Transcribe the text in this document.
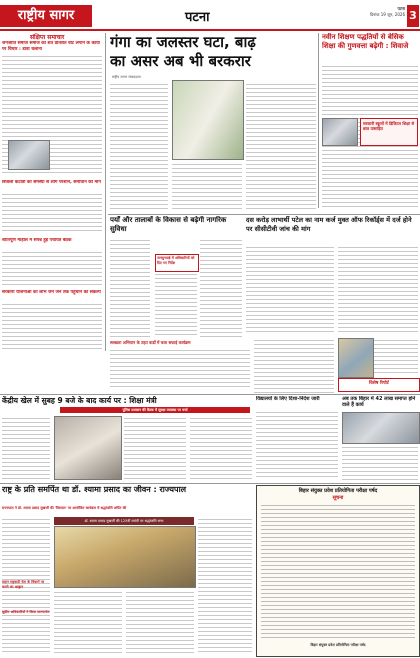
राष्ट्रीय सागर	पटना
पटना
दिनांक 19 जून, 2026 3
संक्षिप्त समाचार
जनजाति समाज समाज को शत प्रतिशत वोट लगाने के कार्यों पर विचार : डावा चलाना
बिजली कटौती की समस्या से लोग परेशान, समाधान की मांग
शांतिपूर्ण माहौल में संपन्न हुई पंचायत बैठक
सरकारी योजनाओं का लाभ जन जन तक पहुंचाने का संकल्प
गंगा का जलस्तर घटा, बाढ़
का असर अब भी बरकरार
राष्ट्रीय सागर संवाददाता
नवीन शिक्षण पद्धतियों से बेसिक शिक्षा की गुणवत्ता बढ़ेगी : शिवाजे
सरकारी स्कूलों में डिजिटल शिक्षा से छात्र उत्साहित
पर्यों और तालाबों के विकास से बढ़ेगी नागरिक सुविधा
जनसुनवाई में अधिकारियों को दिए गए निर्देश
दस करोड़ लाभार्थी पटेल का नाम कर्ज मुक्त ऑफ रिकॉर्ड्स में दर्ज होने पर सीसीटीवी जांच की मांग
स्वच्छता अभियान के तहत वार्डों में चला सफाई कार्यक्रम
विशेष रिपोर्ट
केंद्रीय खेल में सुबह 9 बजे के बाद कार्य पर : शिक्षा मंत्री
पुलिस प्रशासन की बैठक में सुरक्षा व्यवस्था पर चर्चा
विद्यालयों के लिए दिशा-निर्देश जारी	अब तक बिहार में 42 लाख समाप्त होने वाले हैं कार्य
राष्ट्र के प्रति समर्पित था डॉ. श्यामा प्रसाद का जीवन : राज्यपाल
राज्यपाल ने डॉ. श्यामा प्रसाद मुखर्जी की 'विरासत' पर आयोजित कार्यक्रम में श्रद्धांजलि अर्पित की
महान राष्ट्रवादी नेता के विचारों पर चलने का आह्वान
सुप्रीम अधिकारियों ने किया माल्यार्पण
डॉ. श्यामा प्रसाद मुखर्जी की 125वीं जयंती पर श्रद्धांजलि सभा
बिहार संयुक्त प्रवेश प्रतियोगिता परीक्षा पर्षद
सूचना
बिहार संयुक्त प्रवेश प्रतियोगिता परीक्षा पर्षद
